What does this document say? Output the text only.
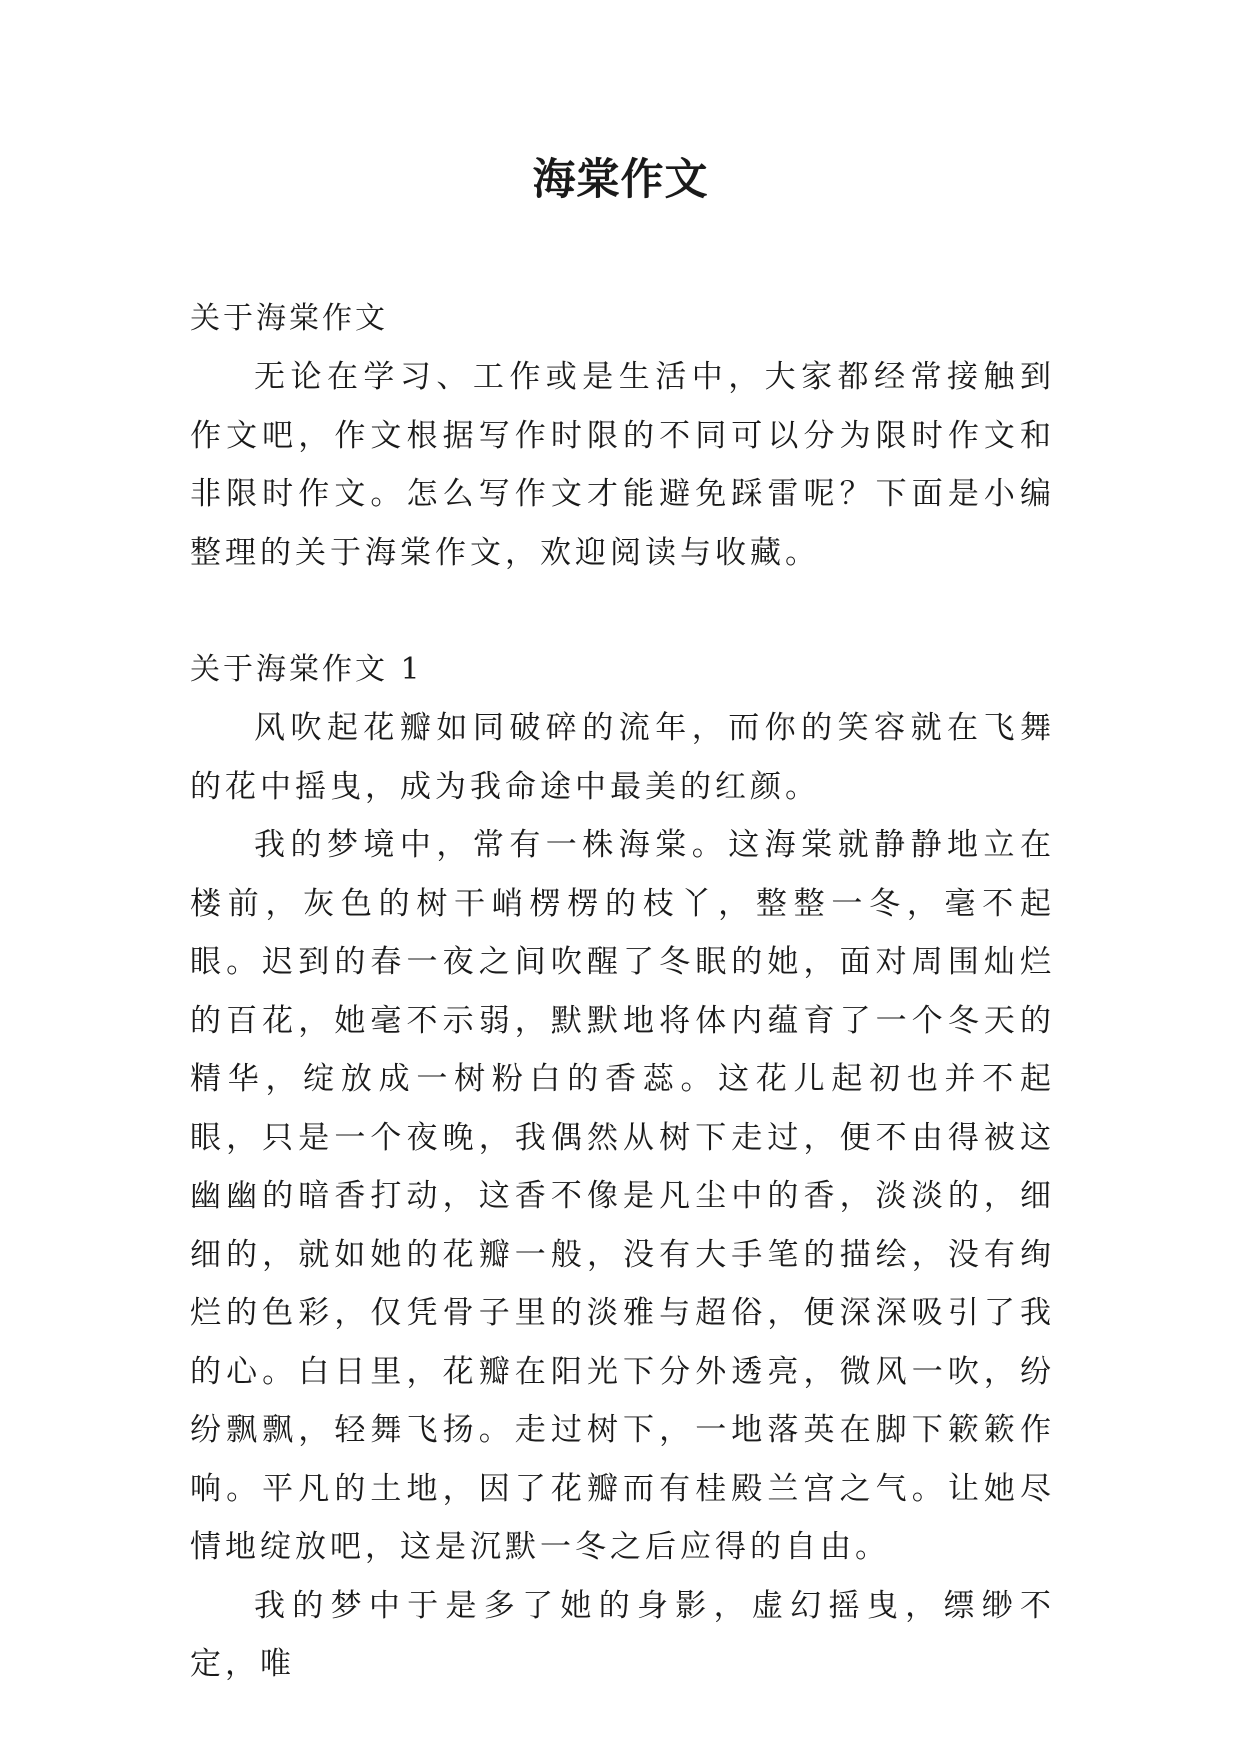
海棠作文
关于海棠作文

无论在学习、工作或是生活中，大家都经常接触到作文吧，作文根据写作时限的不同可以分为限时作文和非限时作文。怎么写作文才能避免踩雷呢？下面是小编整理的关于海棠作文，欢迎阅读与收藏。

关于海棠作文 1

风吹起花瓣如同破碎的流年，而你的笑容就在飞舞的花中摇曳，成为我命途中最美的红颜。

我的梦境中，常有一株海棠。这海棠就静静地立在楼前，灰色的树干峭楞楞的枝丫，整整一冬，毫不起眼。迟到的春一夜之间吹醒了冬眠的她，面对周围灿烂的百花，她毫不示弱，默默地将体内蕴育了一个冬天的精华，绽放成一树粉白的香蕊。这花儿起初也并不起眼，只是一个夜晚，我偶然从树下走过，便不由得被这幽幽的暗香打动，这香不像是凡尘中的香，淡淡的，细细的，就如她的花瓣一般，没有大手笔的描绘，没有绚烂的色彩，仅凭骨子里的淡雅与超俗，便深深吸引了我的心。白日里，花瓣在阳光下分外透亮，微风一吹，纷纷飘飘，轻舞飞扬。走过树下，一地落英在脚下簌簌作响。平凡的土地，因了花瓣而有桂殿兰宫之气。让她尽情地绽放吧，这是沉默一冬之后应得的自由。

我的梦中于是多了她的身影，虚幻摇曳，缥缈不定，唯
